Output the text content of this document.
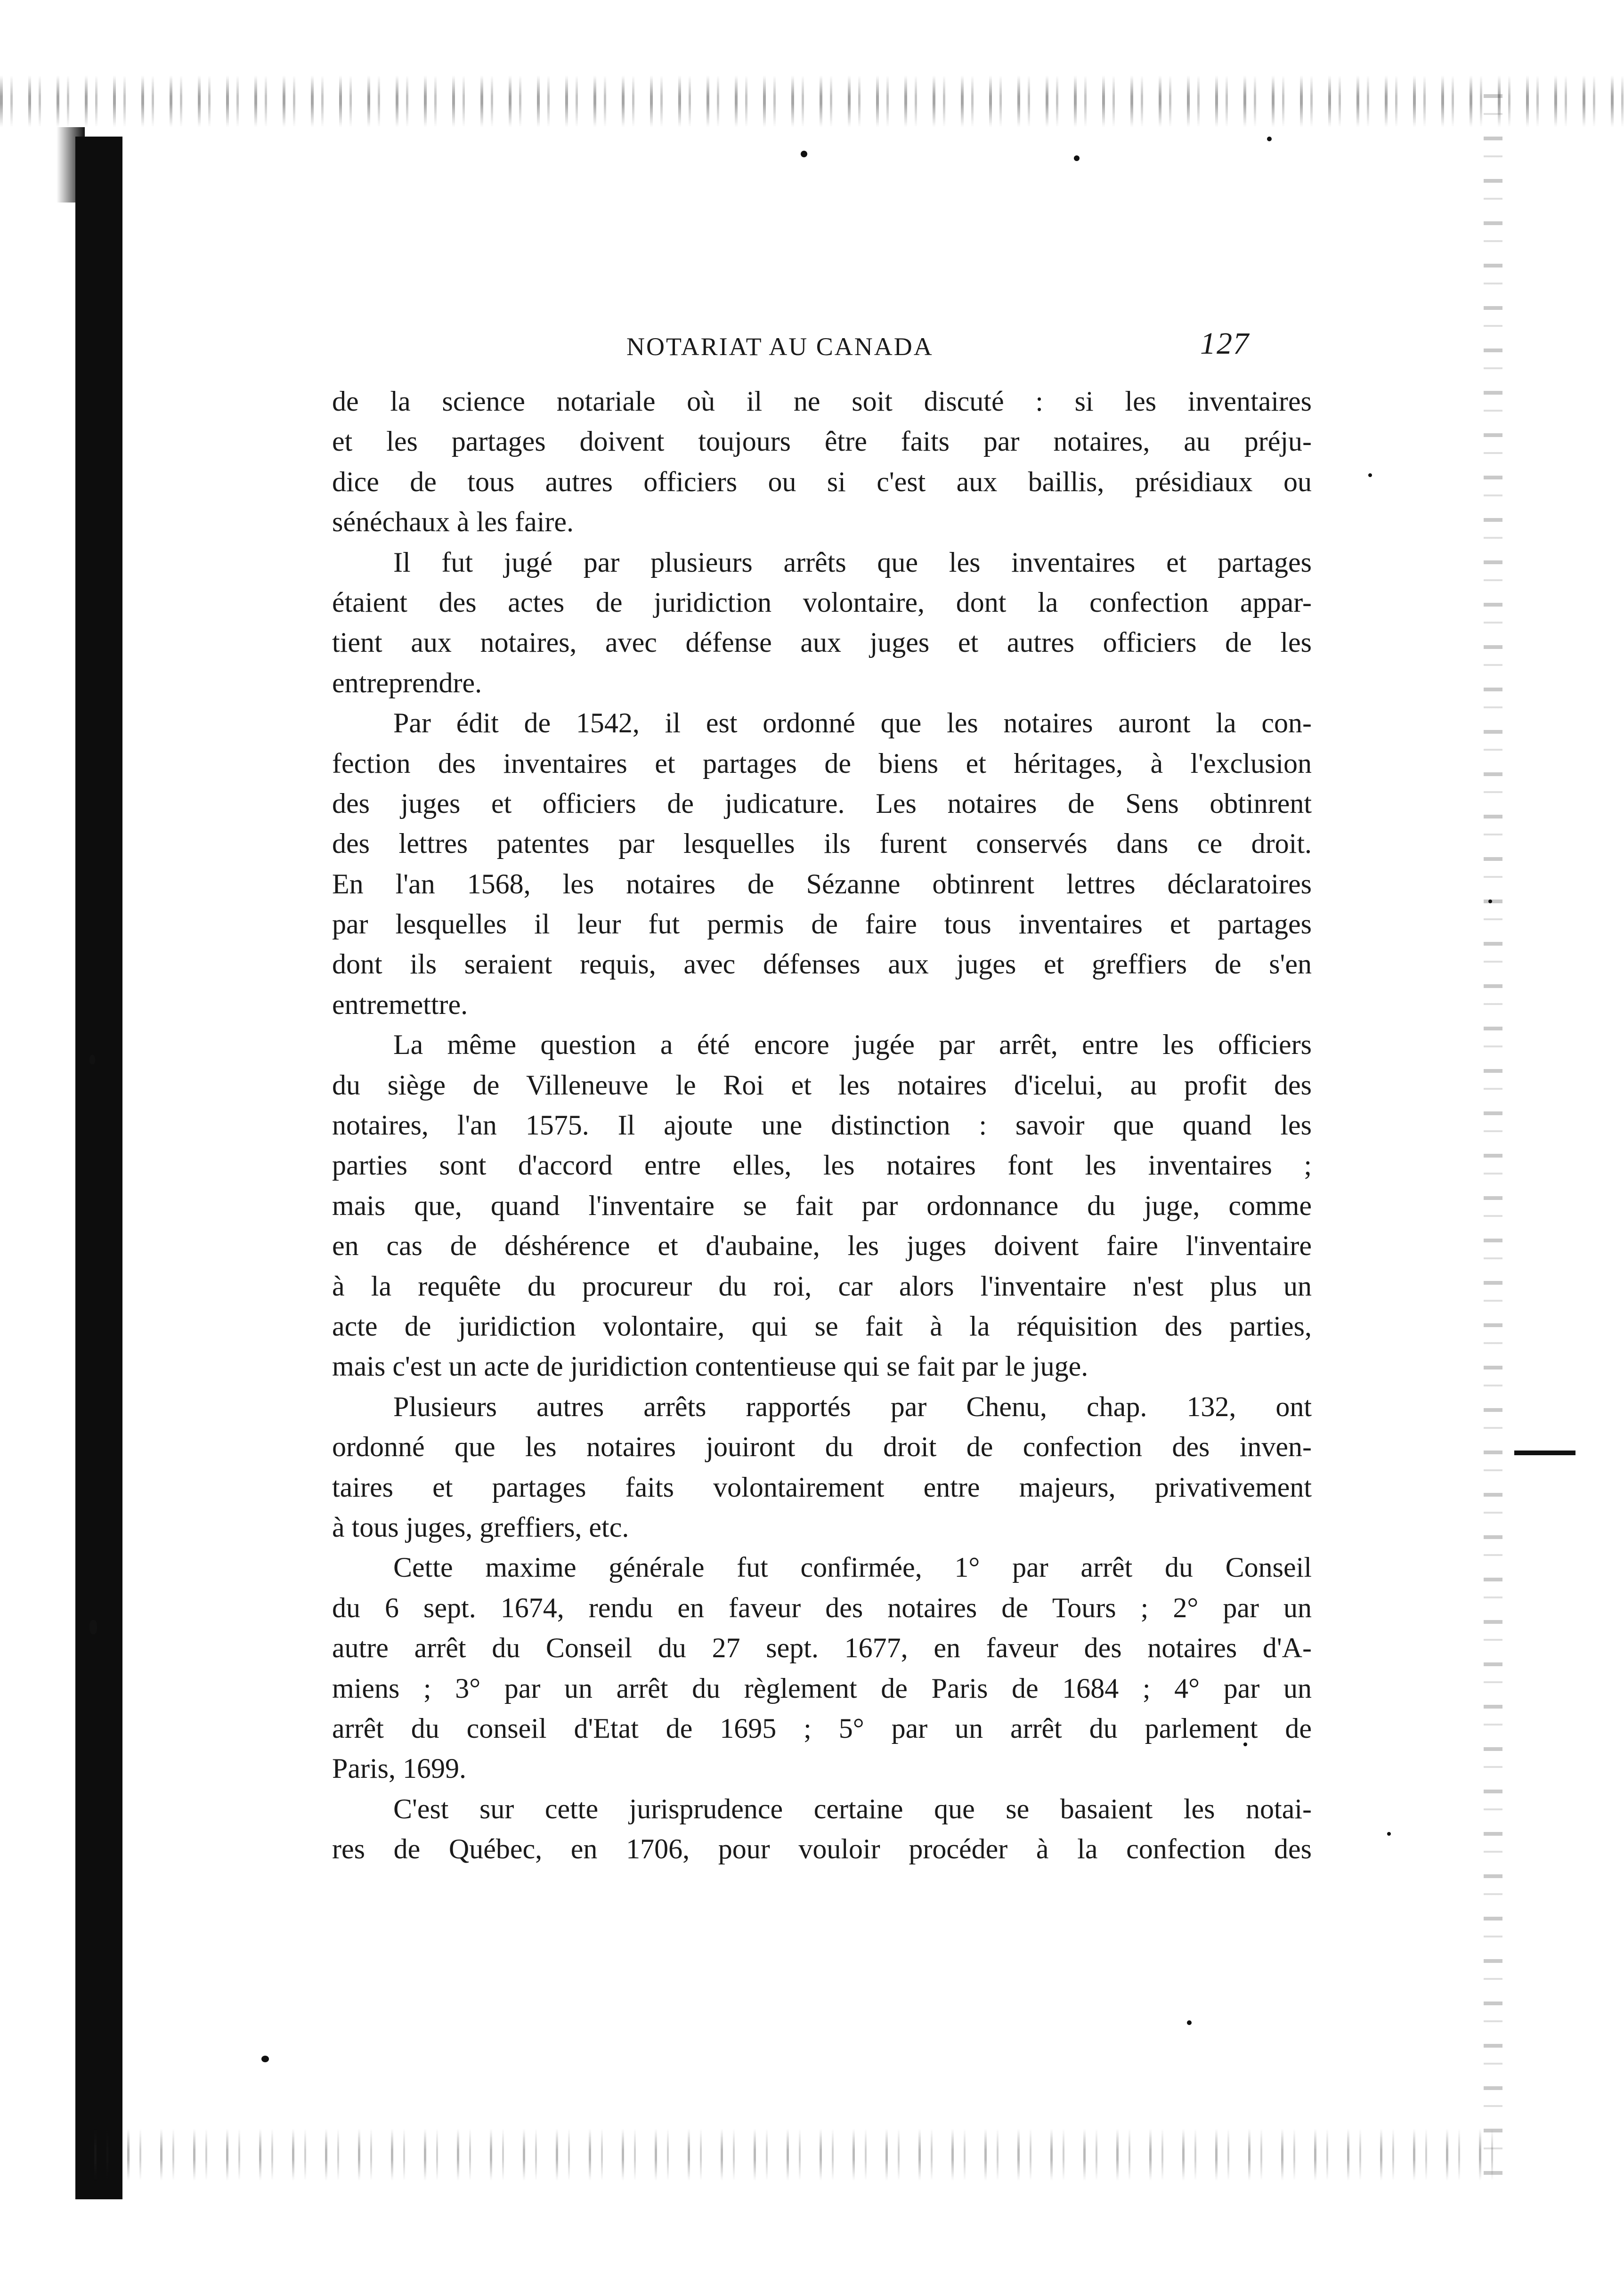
NOTARIAT AU CANADA	127
de la science notariale où il ne soit discuté : si les inventaires
et les partages doivent toujours être faits par notaires, au préju-
dice de tous autres officiers ou si c'est aux baillis, présidiaux ou
sénéchaux à les faire.
Il fut jugé par plusieurs arrêts que les inventaires et partages
étaient des actes de juridiction volontaire, dont la confection appar-
tient aux notaires, avec défense aux juges et autres officiers de les
entreprendre.
Par édit de 1542, il est ordonné que les notaires auront la con-
fection des inventaires et partages de biens et héritages, à l'exclusion
des juges et officiers de judicature. Les notaires de Sens obtinrent
des lettres patentes par lesquelles ils furent conservés dans ce droit.
En l'an 1568, les notaires de Sézanne obtinrent lettres déclaratoires
par lesquelles il leur fut permis de faire tous inventaires et partages
dont ils seraient requis, avec défenses aux juges et greffiers de s'en
entremettre.
La même question a été encore jugée par arrêt, entre les officiers
du siège de Villeneuve le Roi et les notaires d'icelui, au profit des
notaires, l'an 1575. Il ajoute une distinction : savoir que quand les
parties sont d'accord entre elles, les notaires font les inventaires ;
mais que, quand l'inventaire se fait par ordonnance du juge, comme
en cas de déshérence et d'aubaine, les juges doivent faire l'inventaire
à la requête du procureur du roi, car alors l'inventaire n'est plus un
acte de juridiction volontaire, qui se fait à la réquisition des parties,
mais c'est un acte de juridiction contentieuse qui se fait par le juge.
Plusieurs autres arrêts rapportés par Chenu, chap. 132, ont
ordonné que les notaires jouiront du droit de confection des inven-
taires et partages faits volontairement entre majeurs, privativement
à tous juges, greffiers, etc.
Cette maxime générale fut confirmée, 1° par arrêt du Conseil
du 6 sept. 1674, rendu en faveur des notaires de Tours ; 2° par un
autre arrêt du Conseil du 27 sept. 1677, en faveur des notaires d'A-
miens ; 3° par un arrêt du règlement de Paris de 1684 ; 4° par un
arrêt du conseil d'Etat de 1695 ; 5° par un arrêt du parlement de
Paris, 1699.
C'est sur cette jurisprudence certaine que se basaient les notai-
res de Québec, en 1706, pour vouloir procéder à la confection des
